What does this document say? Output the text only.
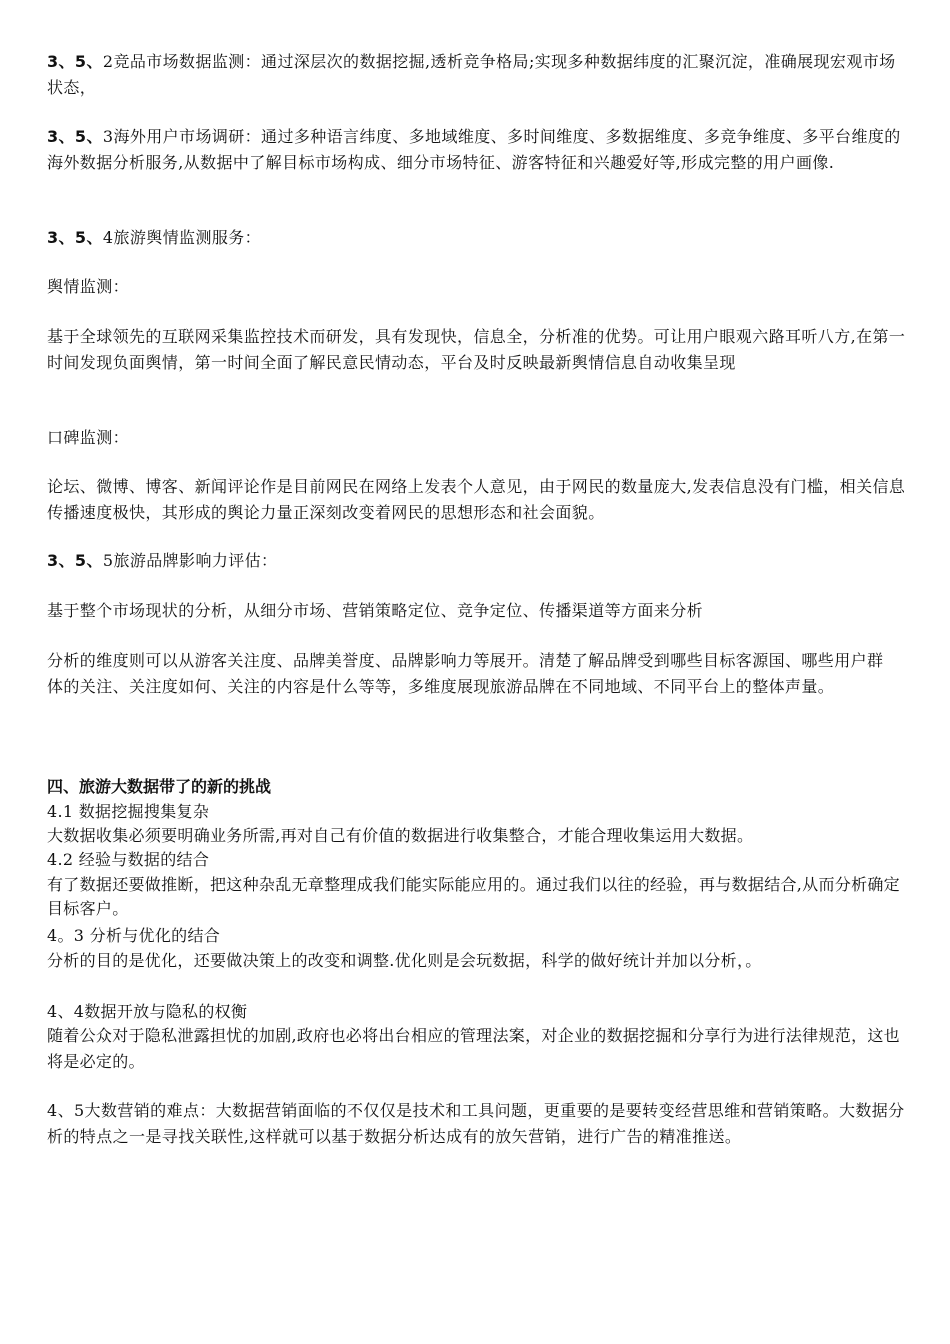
3、5、2竞品市场数据监测：通过深层次的数据挖掘,透析竞争格局;实现多种数据纬度的汇聚沉淀，准确展现宏观市场状态，

3、5、3海外用户市场调研：通过多种语言纬度、多地域维度、多时间维度、多数据维度、多竞争维度、多平台维度的海外数据分析服务,从数据中了解目标市场构成、细分市场特征、游客特征和兴趣爱好等,形成完整的用户画像.

3、5、4旅游舆情监测服务：

舆情监测：

基于全球领先的互联网采集监控技术而研发，具有发现快，信息全，分析准的优势。可让用户眼观六路耳听八方,在第一时间发现负面舆情，第一时间全面了解民意民情动态，平台及时反映最新舆情信息自动收集呈现

口碑监测：

论坛、微博、博客、新闻评论作是目前网民在网络上发表个人意见，由于网民的数量庞大,发表信息没有门槛，相关信息传播速度极快，其形成的舆论力量正深刻改变着网民的思想形态和社会面貌。

3、5、5旅游品牌影响力评估：

基于整个市场现状的分析，从细分市场、营销策略定位、竞争定位、传播渠道等方面来分析

分析的维度则可以从游客关注度、品牌美誉度、品牌影响力等展开。清楚了解品牌受到哪些目标客源国、哪些用户群体的关注、关注度如何、关注的内容是什么等等，多维度展现旅游品牌在不同地域、不同平台上的整体声量。

四、旅游大数据带了的新的挑战

4.1 数据挖掘搜集复杂

大数据收集必须要明确业务所需,再对自己有价值的数据进行收集整合，才能合理收集运用大数据。

4.2 经验与数据的结合

有了数据还要做推断，把这种杂乱无章整理成我们能实际能应用的。通过我们以往的经验，再与数据结合,从而分析确定目标客户。

4。3 分析与优化的结合

分析的目的是优化，还要做决策上的改变和调整.优化则是会玩数据，科学的做好统计并加以分析，。

4、4数据开放与隐私的权衡

随着公众对于隐私泄露担忧的加剧,政府也必将出台相应的管理法案，对企业的数据挖掘和分享行为进行法律规范，这也将是必定的。

4、5大数营销的难点：大数据营销面临的不仅仅是技术和工具问题，更重要的是要转变经营思维和营销策略。大数据分析的特点之一是寻找关联性,这样就可以基于数据分析达成有的放矢营销，进行广告的精准推送。
